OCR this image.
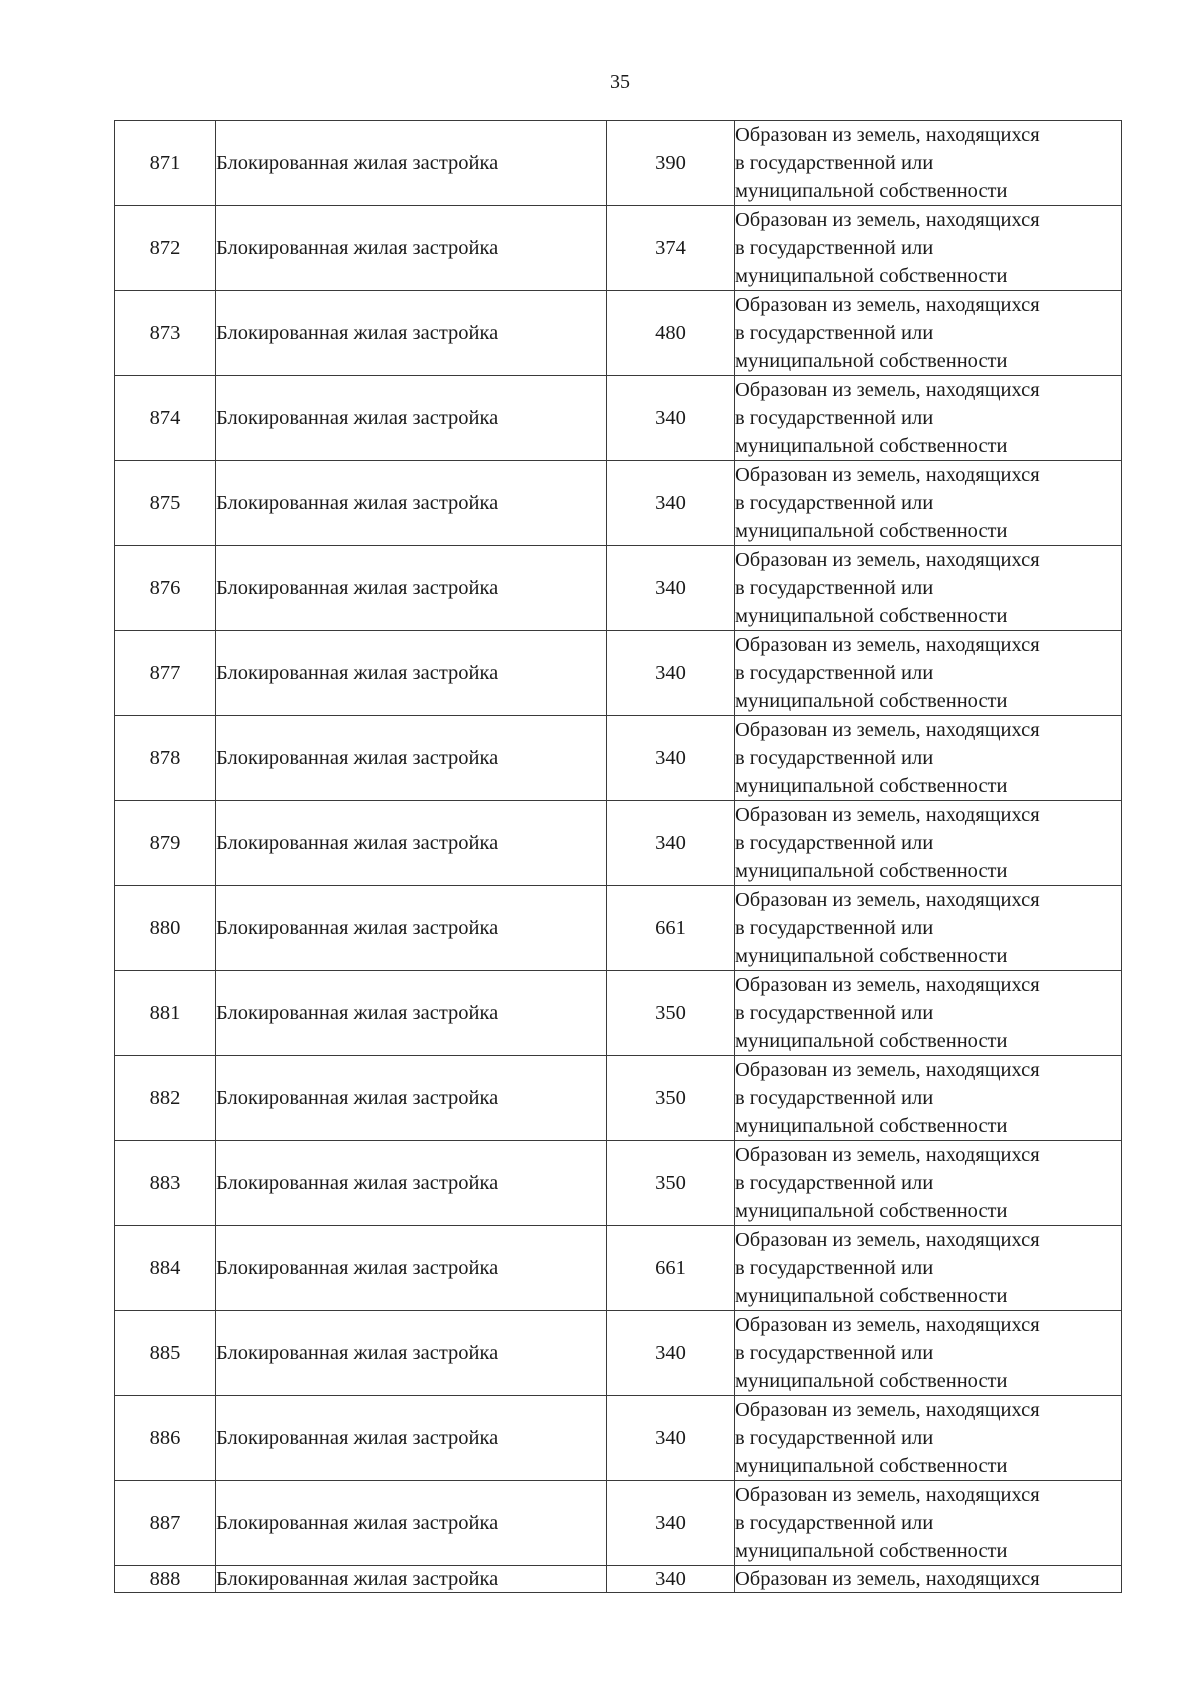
35
871	Блокированная жилая застройка	390	Образован из земель, находящихся
в государственной или
муниципальной собственности

872	Блокированная жилая застройка	374	Образован из земель, находящихся
в государственной или
муниципальной собственности

873	Блокированная жилая застройка	480	Образован из земель, находящихся
в государственной или
муниципальной собственности

874	Блокированная жилая застройка	340	Образован из земель, находящихся
в государственной или
муниципальной собственности

875	Блокированная жилая застройка	340	Образован из земель, находящихся
в государственной или
муниципальной собственности

876	Блокированная жилая застройка	340	Образован из земель, находящихся
в государственной или
муниципальной собственности

877	Блокированная жилая застройка	340	Образован из земель, находящихся
в государственной или
муниципальной собственности

878	Блокированная жилая застройка	340	Образован из земель, находящихся
в государственной или
муниципальной собственности

879	Блокированная жилая застройка	340	Образован из земель, находящихся
в государственной или
муниципальной собственности

880	Блокированная жилая застройка	661	Образован из земель, находящихся
в государственной или
муниципальной собственности

881	Блокированная жилая застройка	350	Образован из земель, находящихся
в государственной или
муниципальной собственности

882	Блокированная жилая застройка	350	Образован из земель, находящихся
в государственной или
муниципальной собственности

883	Блокированная жилая застройка	350	Образован из земель, находящихся
в государственной или
муниципальной собственности

884	Блокированная жилая застройка	661	Образован из земель, находящихся
в государственной или
муниципальной собственности

885	Блокированная жилая застройка	340	Образован из земель, находящихся
в государственной или
муниципальной собственности

886	Блокированная жилая застройка	340	Образован из земель, находящихся
в государственной или
муниципальной собственности

887	Блокированная жилая застройка	340	Образован из земель, находящихся
в государственной или
муниципальной собственности

888	Блокированная жилая застройка	340	Образован из земель, находящихся
